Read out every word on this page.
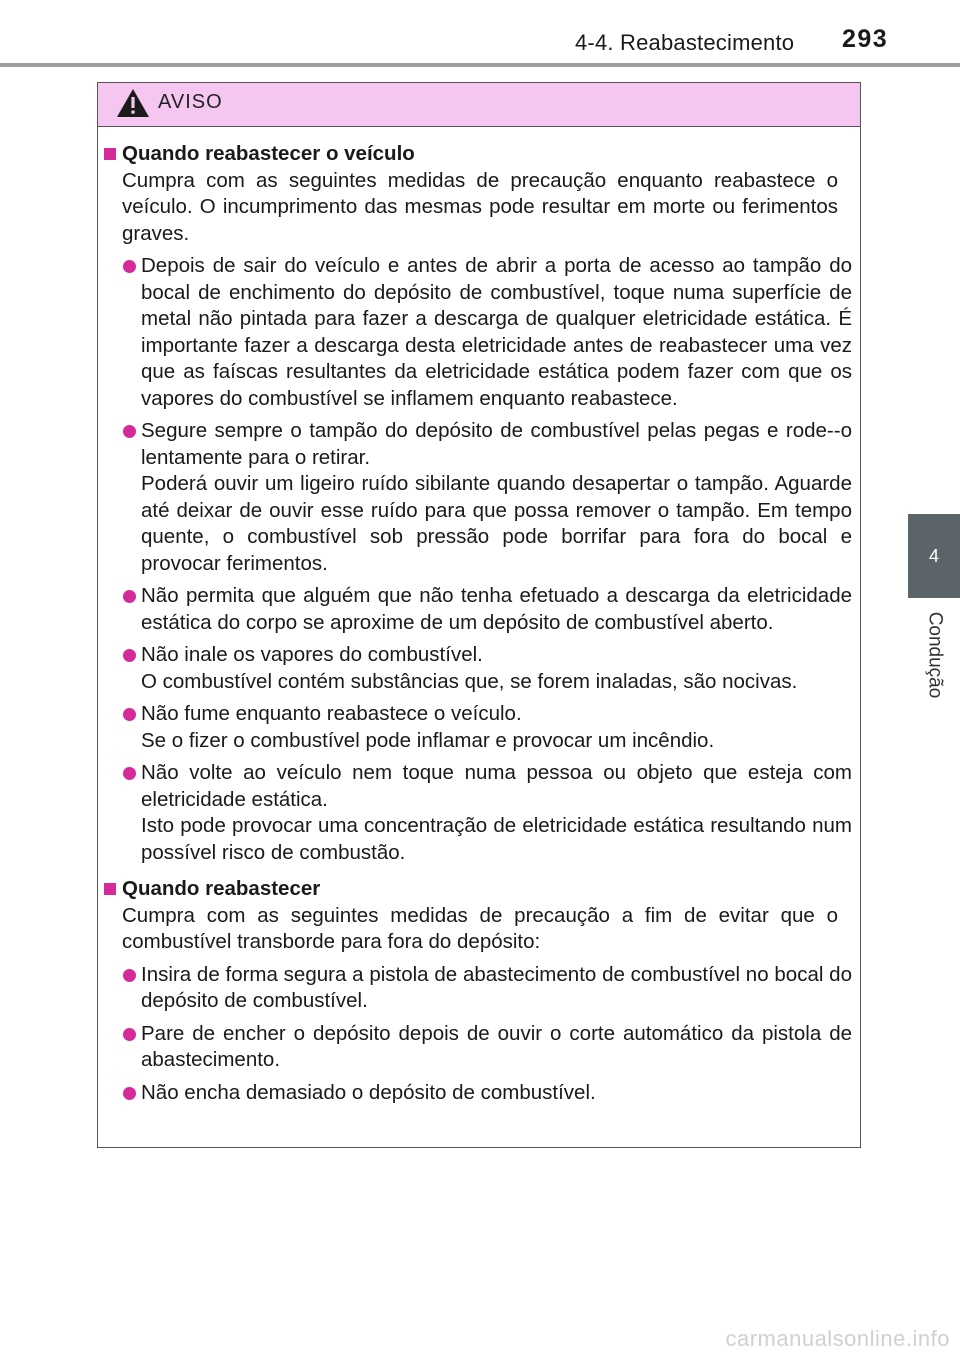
4-4. Reabastecimento 293
4
Condução
AVISO
Quando reabastecer o veículo
Cumpra com as seguintes medidas de precaução enquanto reabastece o veículo. O incumprimento das mesmas pode resultar em morte ou ferimentos graves.

Depois de sair do veículo e antes de abrir a porta de acesso ao tampão do bocal de enchimento do depósito de combustível, toque numa superfície de metal não pintada para fazer a descarga de qualquer eletricidade estática. É importante fazer a descarga desta eletricidade antes de reabastecer uma vez que as faíscas resultantes da eletricidade estática podem fazer com que os vapores do combustível se inflamem enquanto reabastece.

Segure sempre o tampão do depósito de combustível pelas pegas e rode--o lentamente para o retirar.

Poderá ouvir um ligeiro ruído sibilante quando desapertar o tampão. Aguarde até deixar de ouvir esse ruído para que possa remover o tampão. Em tempo quente, o combustível sob pressão pode borrifar para fora do bocal e provocar ferimentos.

Não permita que alguém que não tenha efetuado a descarga da eletricidade estática do corpo se aproxime de um depósito de combustível aberto.

Não inale os vapores do combustível.

O combustível contém substâncias que, se forem inaladas, são nocivas.

Não fume enquanto reabastece o veículo.

Se o fizer o combustível pode inflamar e provocar um incêndio.

Não volte ao veículo nem toque numa pessoa ou objeto que esteja com eletricidade estática.

Isto pode provocar uma concentração de eletricidade estática resultando num possível risco de combustão.

Quando reabastecer
Cumpra com as seguintes medidas de precaução a fim de evitar que o combustível transborde para fora do depósito:

Insira de forma segura a pistola de abastecimento de combustível no bocal do depósito de combustível.

Pare de encher o depósito depois de ouvir o corte automático da pistola de abastecimento.

Não encha demasiado o depósito de combustível.

carmanualsonline.info
